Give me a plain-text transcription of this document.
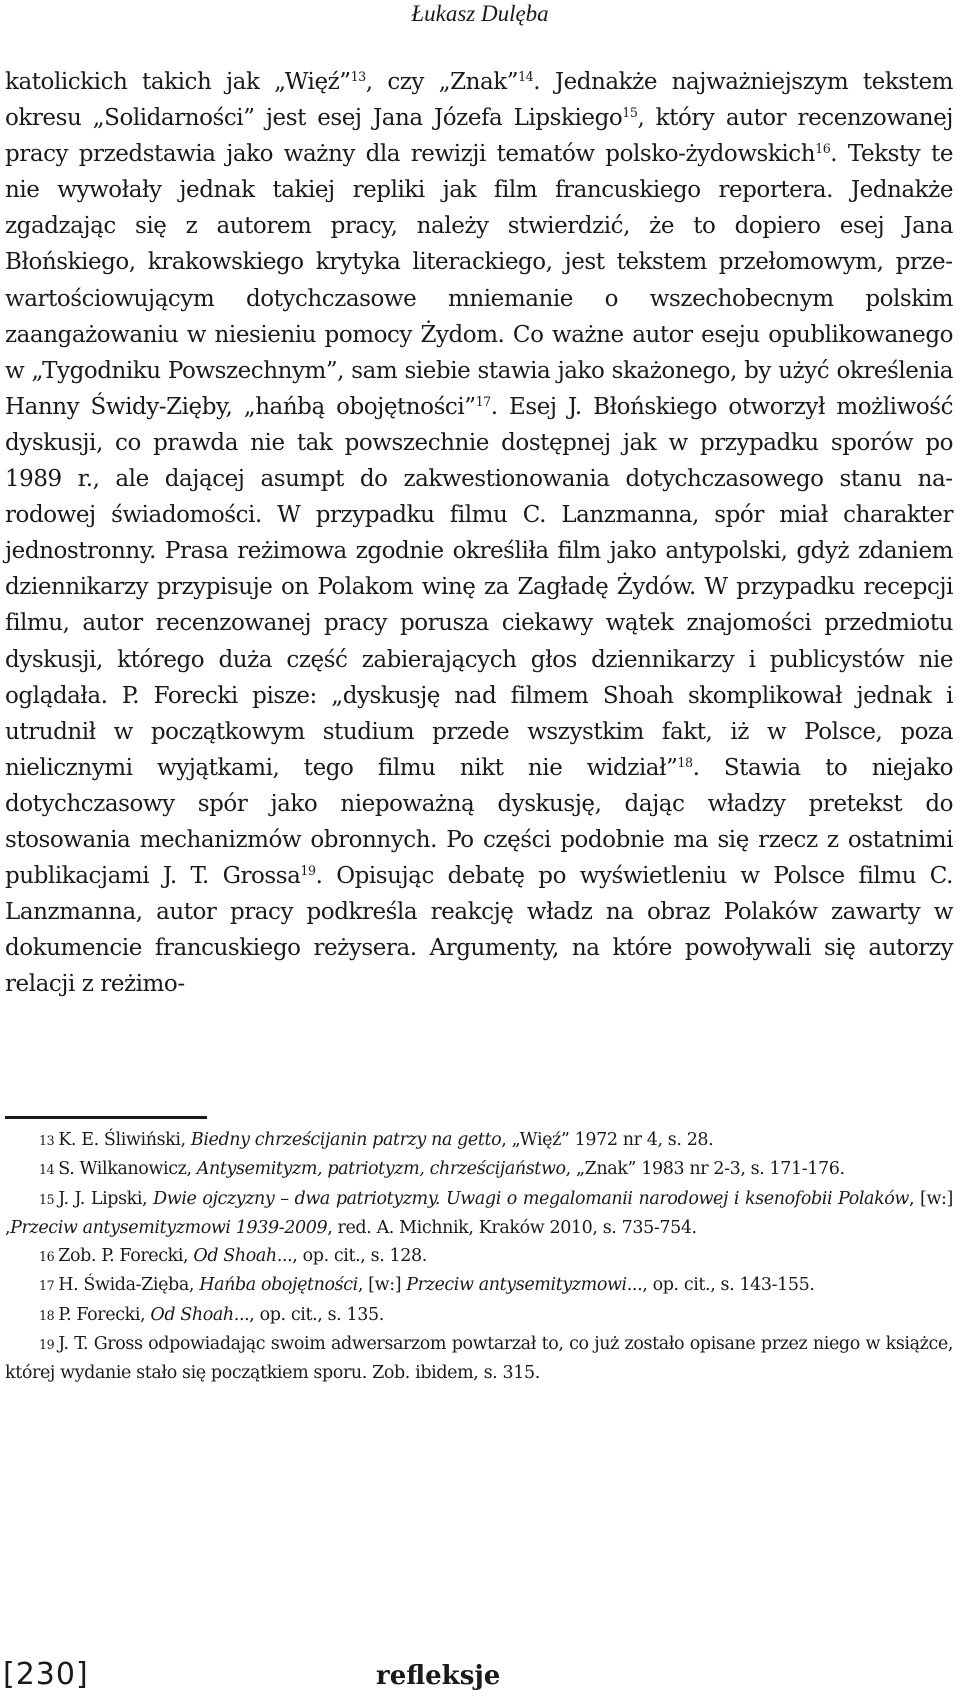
Łukasz Dulęba
katolickich takich jak „Więź”$^{13}$, czy „Znak”$^{14}$. Jednakże najważniejszym tekstem okresu „Solidarności” jest esej Jana Józefa Lipskiego$^{15}$, który autor recenzowanej pracy przedstawia jako ważny dla rewizji tematów polsko-żydowskich$^{16}$. Teksty te nie wywołały jednak takiej repliki jak film francuskiego reportera. Jednakże zgadzając się z autorem pracy, należy stwierdzić, że to dopiero esej Jana Błońskiego, krakowskiego krytyka literackiego, jest tekstem przełomowym, przewartościowującym dotychczasowe mniemanie o wszechobecnym polskim zaangażowaniu w niesieniu pomocy Żydom. Co ważne autor eseju opublikowanego w „Tygodniku Powszechnym”, sam siebie stawia jako skażonego, by użyć określenia Hanny Świdy-Zięby, „hańbą obojętności”$^{17}$. Esej J. Błońskiego otworzył możliwość dyskusji, co prawda nie tak powszechnie dostępnej jak w przypadku sporów po 1989 r., ale dającej asumpt do zakwestionowania dotychczasowego stanu narodowej świadomości. W przypadku filmu C. Lanzmanna, spór miał charakter jednostronny. Prasa reżimowa zgodnie określiła film jako antypolski, gdyż zdaniem dziennikarzy przypisuje on Polakom winę za Zagładę Żydów. W przypadku recepcji filmu, autor recenzowanej pracy porusza ciekawy wątek znajomości przedmiotu dyskusji, którego duża część zabierających głos dziennikarzy i publicystów nie oglądała. P. Forecki pisze: „dyskusję nad filmem Shoah skomplikował jednak i utrudnił w początkowym studium przede wszystkim fakt, iż w Polsce, poza nielicznymi wyjątkami, tego filmu nikt nie widział”$^{18}$. Stawia to niejako dotychczasowy spór jako niepoważną dyskusję, dając władzy pretekst do stosowania mechanizmów obronnych. Po części podobnie ma się rzecz z ostatnimi publikacjami J. T. Grossa$^{19}$. Opisując debatę po wyświetleniu w Polsce filmu C. Lanzmanna, autor pracy podkreśla reakcję władz na obraz Polaków zawarty w dokumencie francuskiego reżysera. Argumenty, na które powoływali się autorzy relacji z reżimo-

13 K. E. Śliwiński, Biedny chrześcijanin patrzy na getto, „Więź” 1972 nr 4, s. 28.

14 S. Wilkanowicz, Antysemityzm, patriotyzm, chrześcijaństwo, „Znak” 1983 nr 2-3, s. 171-176.

15 J. J. Lipski, Dwie ojczyzny – dwa patriotyzmy. Uwagi o megalomanii narodowej i ksenofobii Polaków, [w:] ,Przeciw antysemityzmowi 1939-2009, red. A. Michnik, Kraków 2010, s. 735-754.

16 Zob. P. Forecki, Od Shoah..., op. cit., s. 128.

17 H. Świda-Zięba, Hańba obojętności, [w:] Przeciw antysemityzmowi..., op. cit., s. 143-155.

18 P. Forecki, Od Shoah..., op. cit., s. 135.

19 J. T. Gross odpowiadając swoim adwersarzom powtarzał to, co już zostało opisane przez niego w książce, której wydanie stało się początkiem sporu. Zob. ibidem, s. 315.

[230]	refleksje
